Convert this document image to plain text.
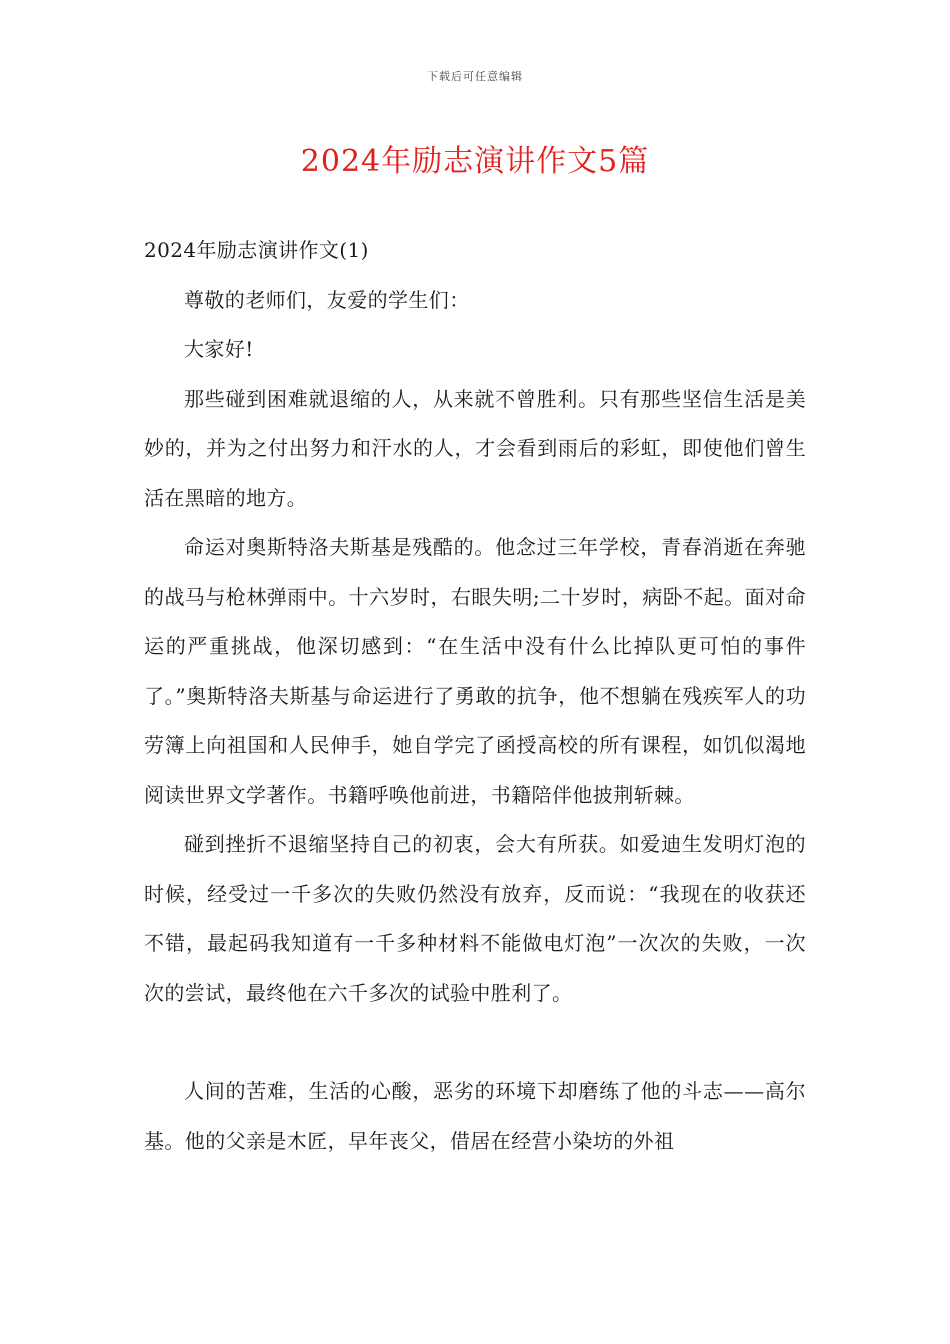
下载后可任意编辑
2024年励志演讲作文5篇

2024年励志演讲作文(1)

尊敬的老师们，友爱的学生们：

大家好!

那些碰到困难就退缩的人，从来就不曾胜利。只有那些坚信生活是美妙的，并为之付出努力和汗水的人，才会看到雨后的彩虹，即使他们曾生活在黑暗的地方。

命运对奥斯特洛夫斯基是残酷的。他念过三年学校，青春消逝在奔驰的战马与枪林弹雨中。十六岁时，右眼失明;二十岁时，病卧不起。面对命运的严重挑战，他深切感到：“在生活中没有什么比掉队更可怕的事件了。”奥斯特洛夫斯基与命运进行了勇敢的抗争，他不想躺在残疾军人的功劳簿上向祖国和人民伸手，她自学完了函授高校的所有课程，如饥似渴地阅读世界文学著作。书籍呼唤他前进，书籍陪伴他披荆斩棘。

碰到挫折不退缩坚持自己的初衷，会大有所获。如爱迪生发明灯泡的时候，经受过一千多次的失败仍然没有放弃，反而说：“我现在的收获还不错，最起码我知道有一千多种材料不能做电灯泡”一次次的失败，一次次的尝试，最终他在六千多次的试验中胜利了。

人间的苦难，生活的心酸，恶劣的环境下却磨练了他的斗志——高尔基。他的父亲是木匠，早年丧父，借居在经营小染坊的外祖
